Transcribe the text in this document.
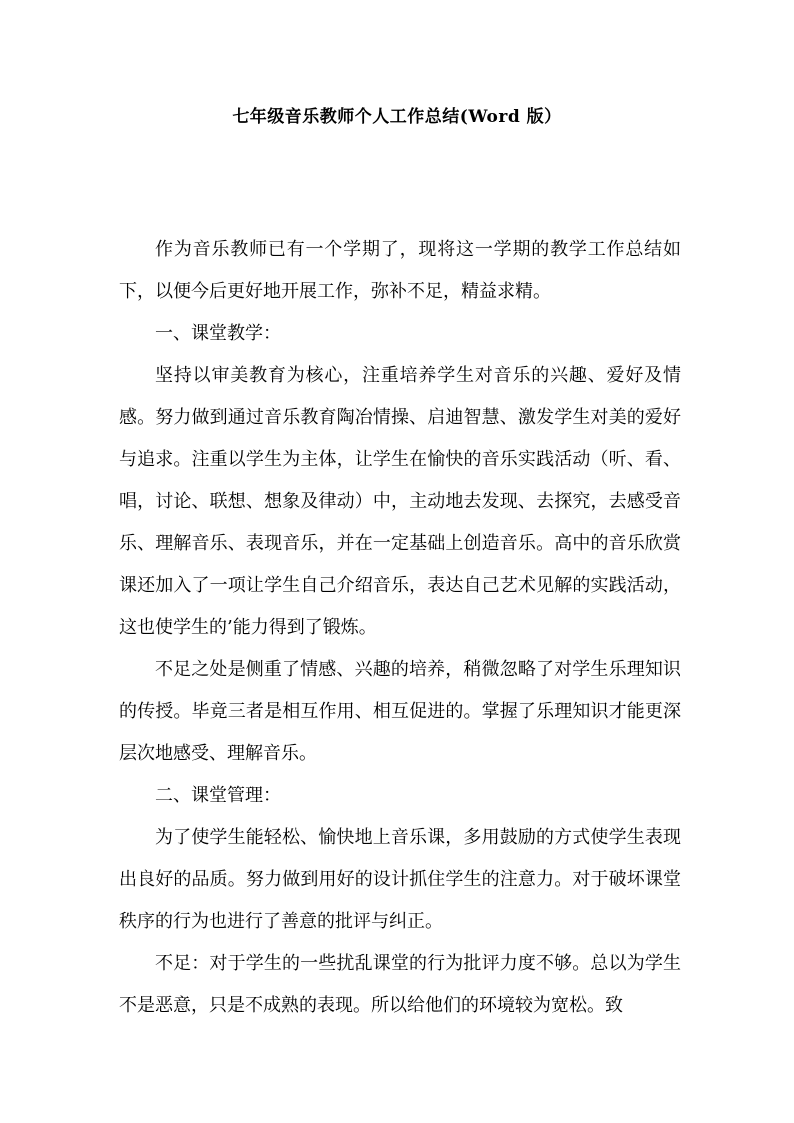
七年级音乐教师个人工作总结(Word 版）

作为音乐教师已有一个学期了，现将这一学期的教学工作总结如下，以便今后更好地开展工作，弥补不足，精益求精。

一、课堂教学：

坚持以审美教育为核心，注重培养学生对音乐的兴趣、爱好及情感。努力做到通过音乐教育陶冶情操、启迪智慧、激发学生对美的爱好与追求。注重以学生为主体，让学生在愉快的音乐实践活动（听、看、唱，讨论、联想、想象及律动）中，主动地去发现、去探究，去感受音乐、理解音乐、表现音乐，并在一定基础上创造音乐。高中的音乐欣赏课还加入了一项让学生自己介绍音乐，表达自己艺术见解的实践活动，这也使学生的’能力得到了锻炼。

不足之处是侧重了情感、兴趣的培养，稍微忽略了对学生乐理知识的传授。毕竟三者是相互作用、相互促进的。掌握了乐理知识才能更深层次地感受、理解音乐。

二、课堂管理：

为了使学生能轻松、愉快地上音乐课，多用鼓励的方式使学生表现出良好的品质。努力做到用好的设计抓住学生的注意力。对于破坏课堂秩序的行为也进行了善意的批评与纠正。

不足：对于学生的一些扰乱课堂的行为批评力度不够。总以为学生不是恶意，只是不成熟的表现。所以给他们的环境较为宽松。致
